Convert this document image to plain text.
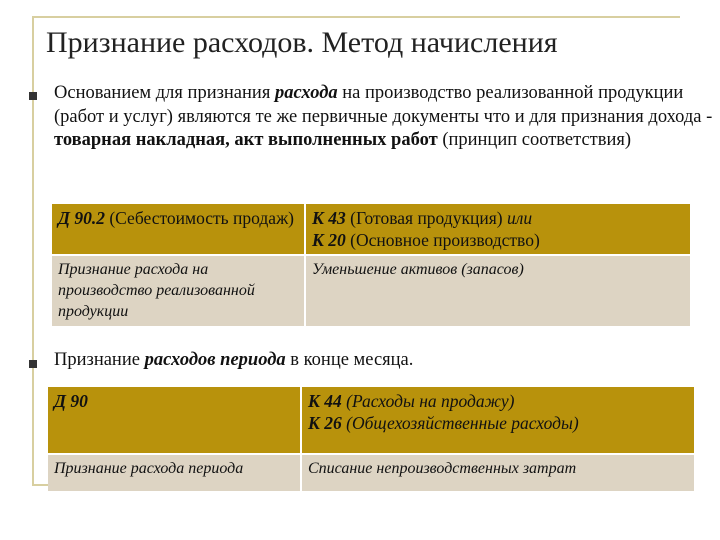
Признание расходов. Метод начисления
Основанием для признания расхода на производство реализованной продукции (работ и услуг) являются те же первичные документы что и для признания дохода - товарная накладная, акт выполненных работ (принцип соответствия)
Д 90.2 (Себестоимость продаж)	К 43 (Готовая продукция) или
К 20 (Основное производство)
Признание расхода на производство реализованной продукции	Уменьшение активов (запасов)
Признание расходов периода в конце месяца.
Д 90	К 44 (Расходы на продажу)
К 26 (Общехозяйственные расходы)
Признание расхода периода	Списание непроизводственных затрат
